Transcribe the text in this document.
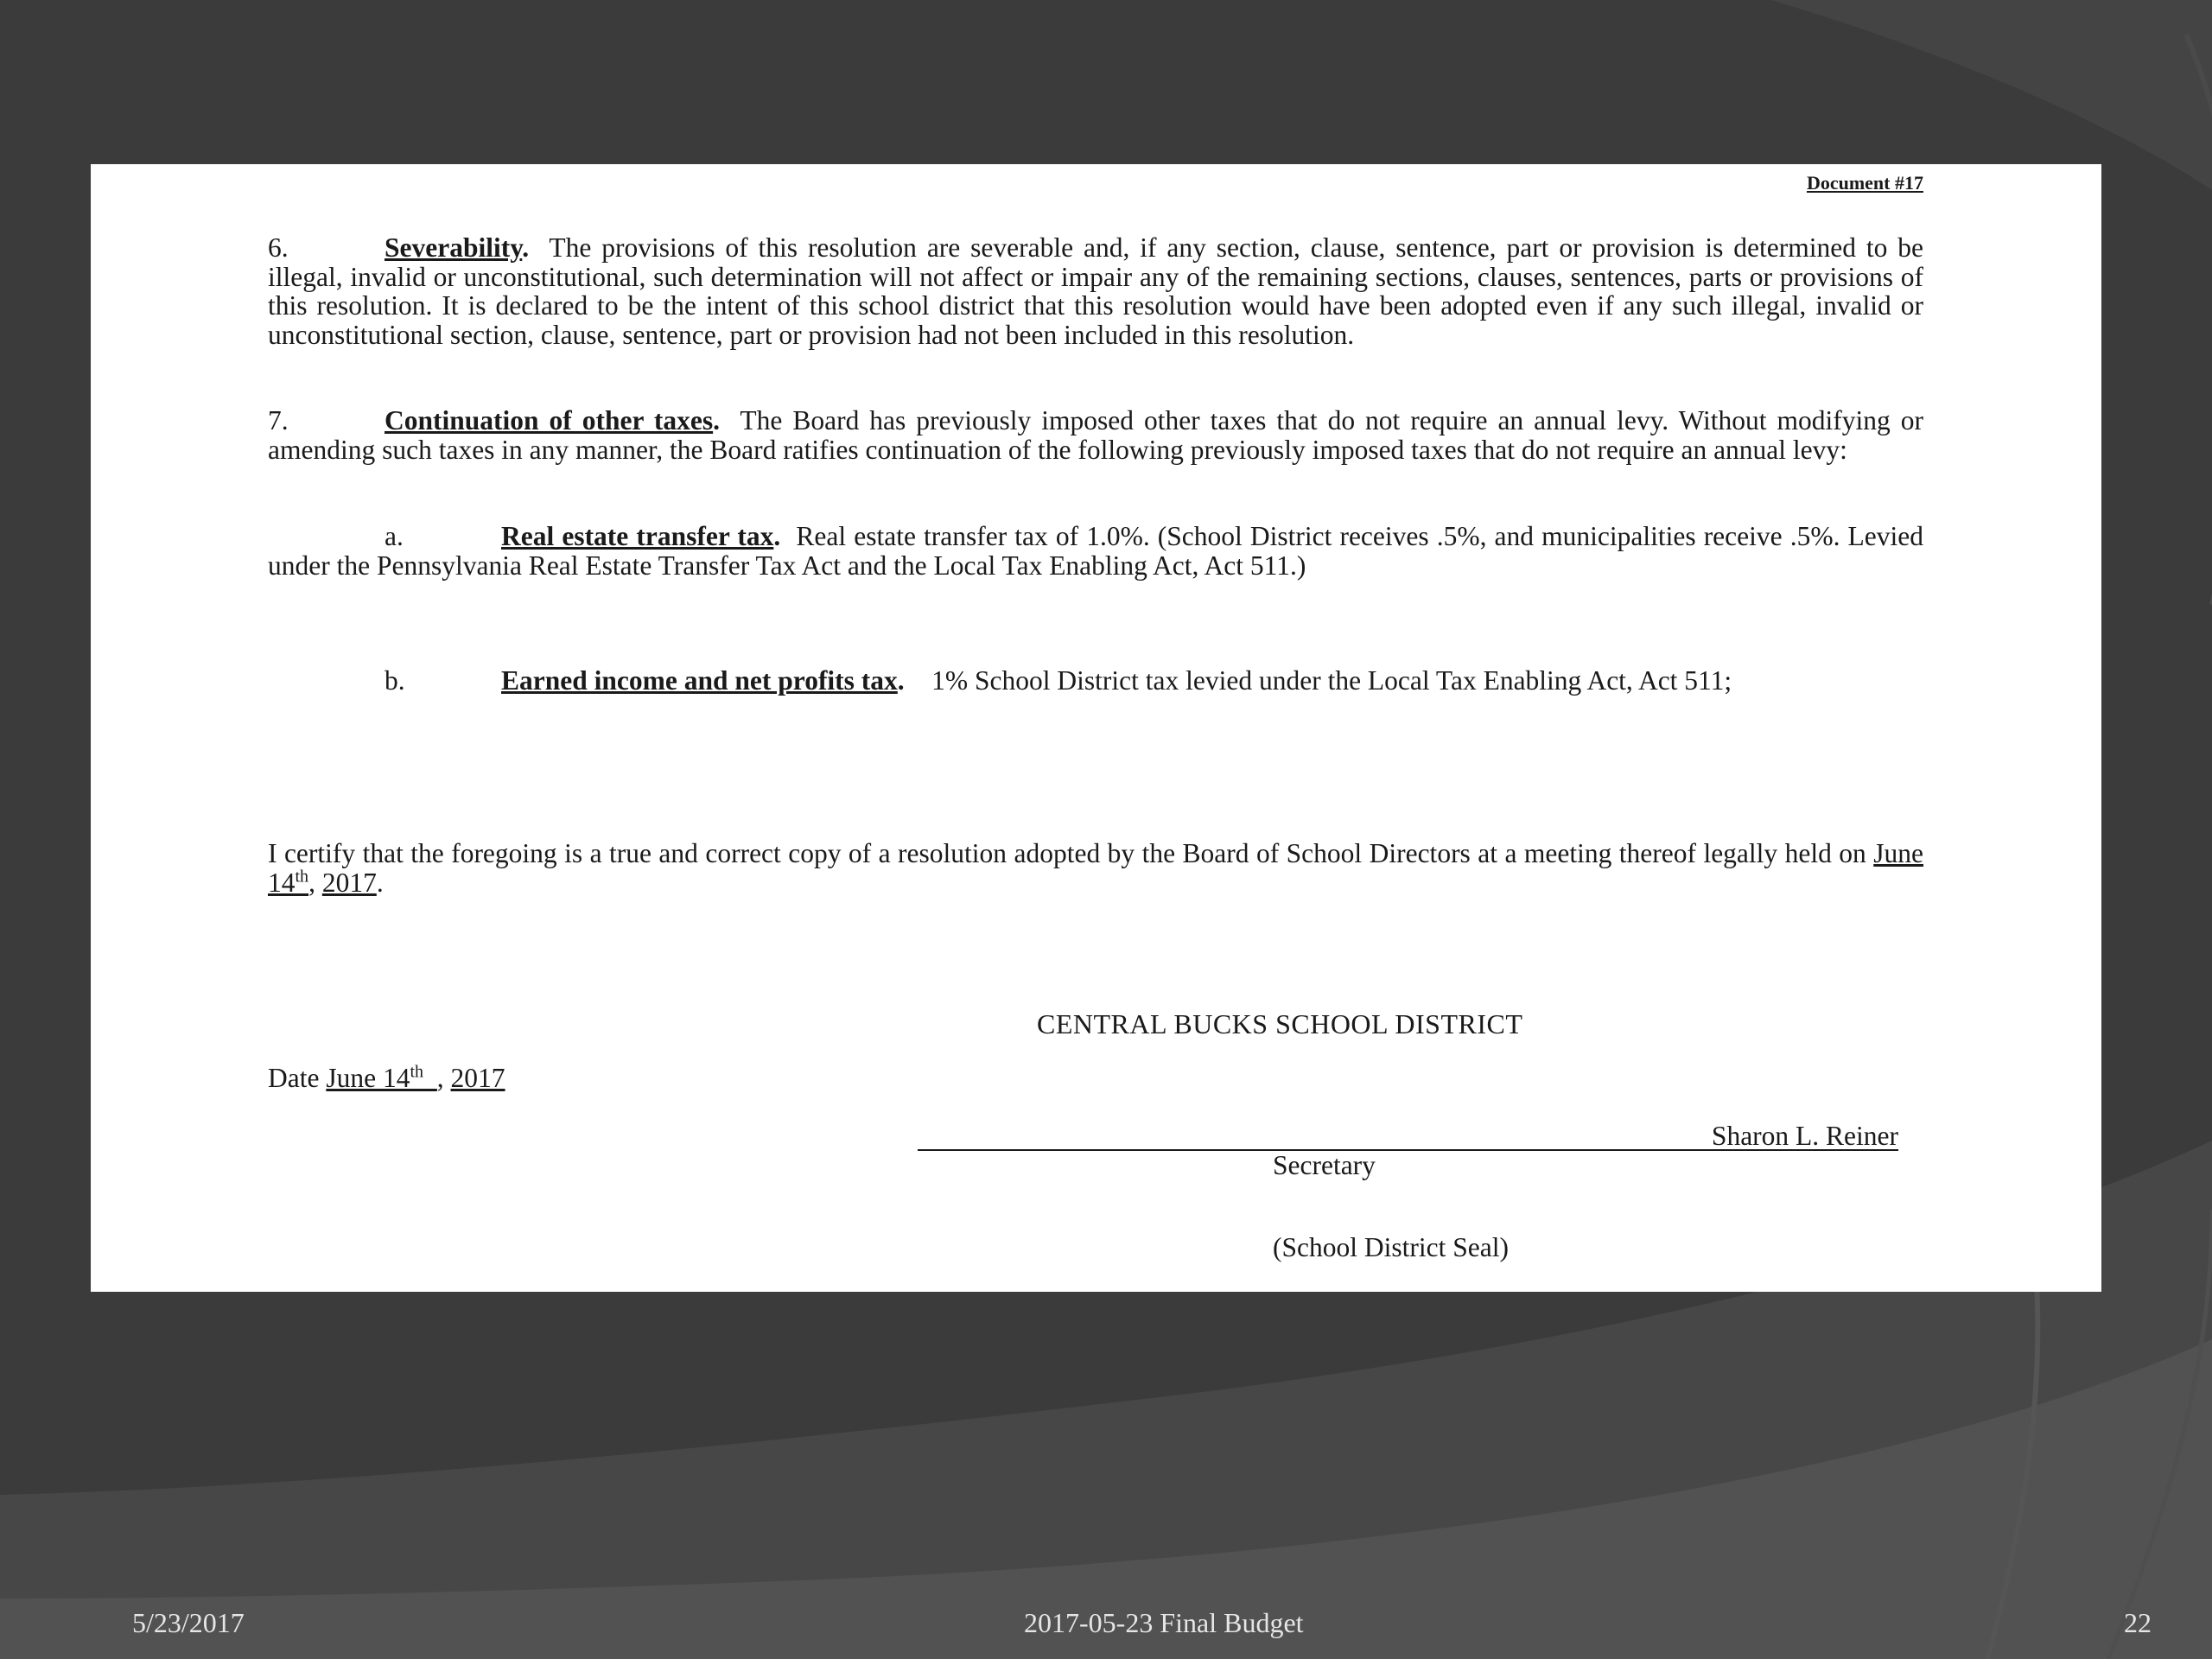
Document #17
6.	Severability. The provisions of this resolution are severable and, if any section, clause, sentence, part or provision is determined to be illegal, invalid or unconstitutional, such determination will not affect or impair any of the remaining sections, clauses, sentences, parts or provisions of this resolution. It is declared to be the intent of this school district that this resolution would have been adopted even if any such illegal, invalid or unconstitutional section, clause, sentence, part or provision had not been included in this resolution.
7.	Continuation of other taxes. The Board has previously imposed other taxes that do not require an annual levy. Without modifying or amending such taxes in any manner, the Board ratifies continuation of the following previously imposed taxes that do not require an annual levy:
a.	Real estate transfer tax. Real estate transfer tax of 1.0%. (School District receives .5%, and municipalities receive .5%. Levied under the Pennsylvania Real Estate Transfer Tax Act and the Local Tax Enabling Act, Act 511.)
b.	Earned income and net profits tax. 1% School District tax levied under the Local Tax Enabling Act, Act 511;
I certify that the foregoing is a true and correct copy of a resolution adopted by the Board of School Directors at a meeting thereof legally held on June 14th, 2017.
CENTRAL BUCKS SCHOOL DISTRICT
Date June 14th_, 2017
Sharon L. Reiner
Secretary
(School District Seal)
5/23/2017	2017-05-23 Final Budget	22
